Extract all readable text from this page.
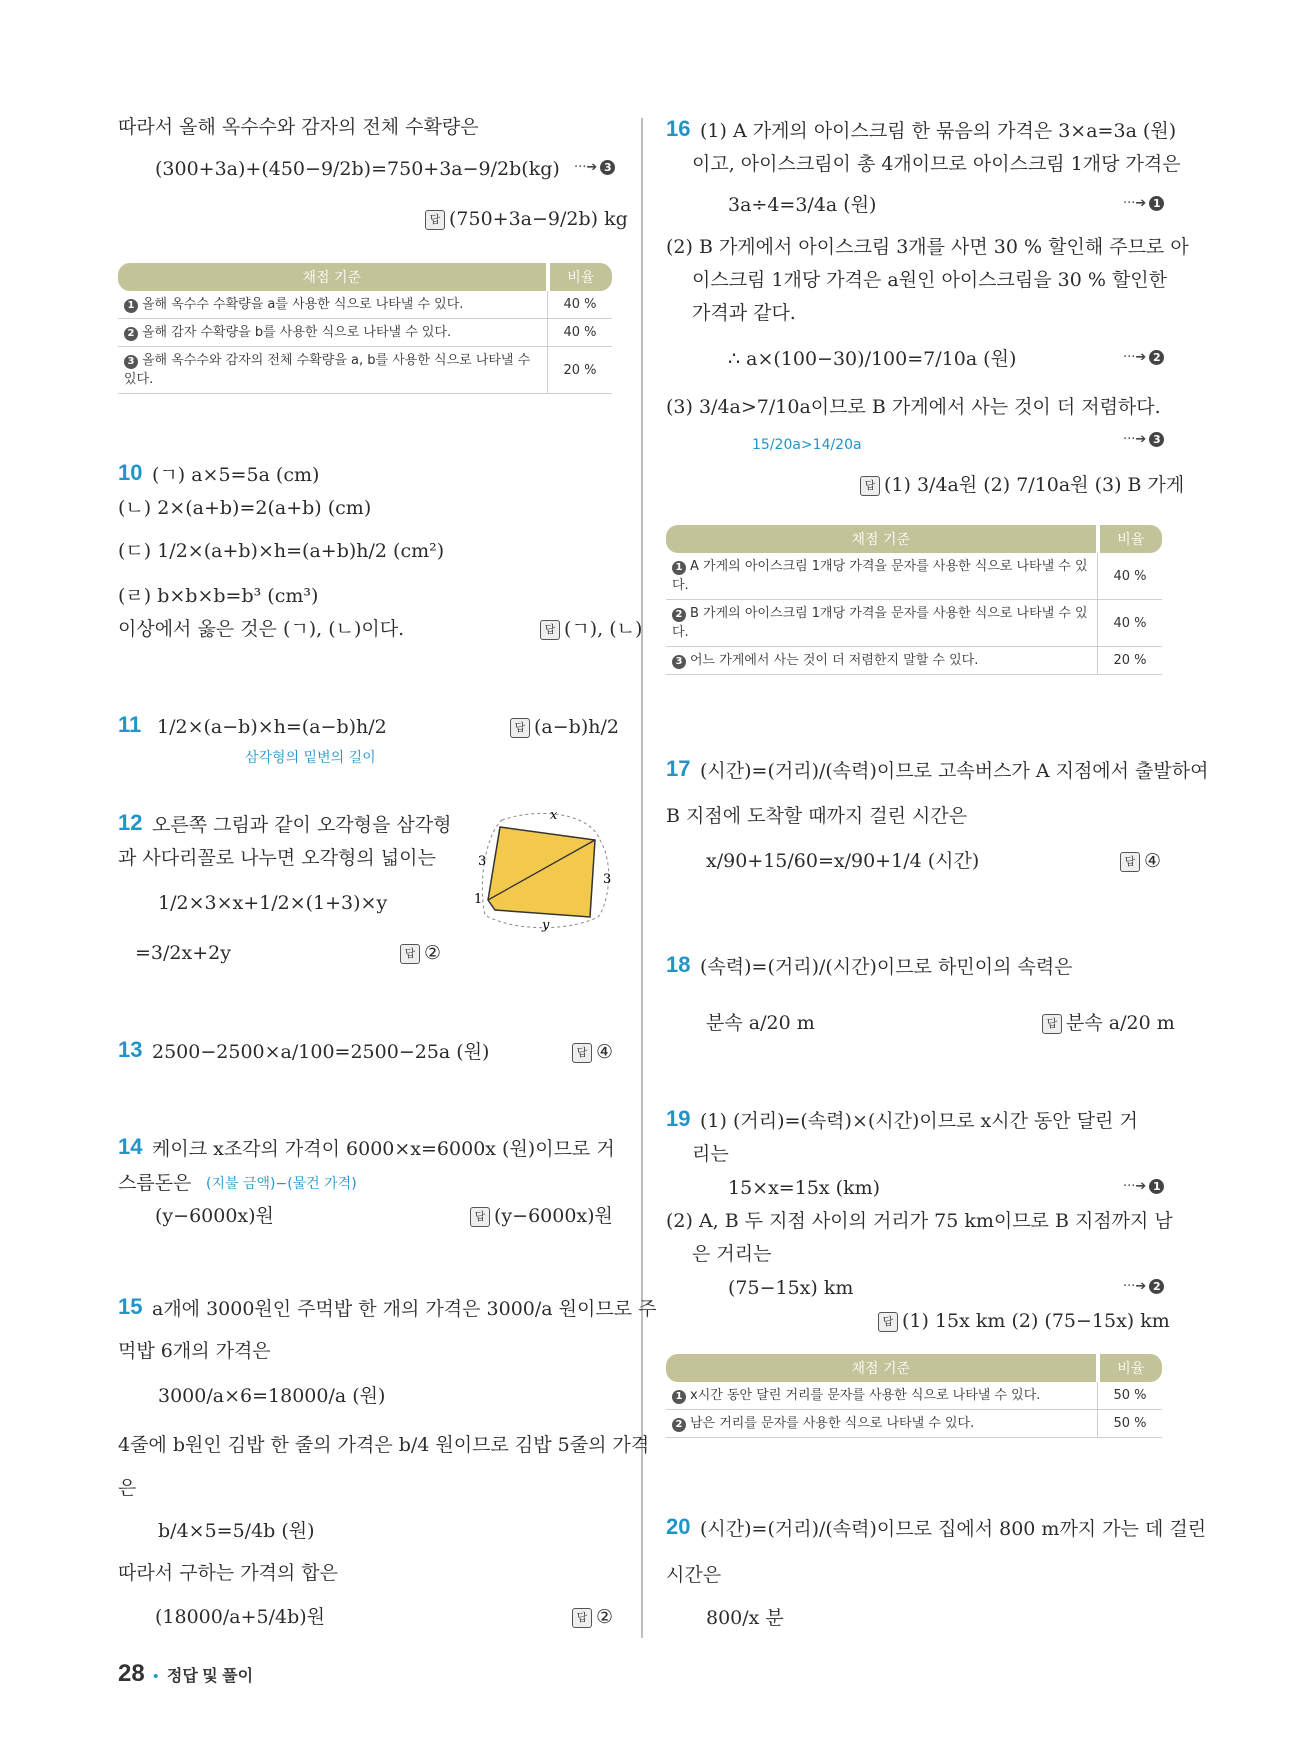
따라서 올해 옥수수와 감자의 전체 수확량은
(300+3a)+(450−9/2b)=750+3a−9/2b(kg) ···➔ 3
답 (750+3a−9/2b) kg
채점 기준	비율
1 올해 옥수수 수확량을 a를 사용한 식으로 나타낼 수 있다.	40 %
2 올해 감자 수확량을 b를 사용한 식으로 나타낼 수 있다.	40 %
3 올해 옥수수와 감자의 전체 수확량을 a, b를 사용한 식으로 나타낼 수 있다.	20 %
10 (ㄱ) a×5=5a (cm)
(ㄴ) 2×(a+b)=2(a+b) (cm)
(ㄷ) 1/2×(a+b)×h=(a+b)h/2 (cm²)
(ㄹ) b×b×b=b³ (cm³)
이상에서 옳은 것은 (ㄱ), (ㄴ)이다.	답 (ㄱ), (ㄴ)
11 1/2×(a−b)×h=(a−b)h/2
삼각형의 밑변의 길이
답 (a−b)h/2
12 오른쪽 그림과 같이 오각형을 삼각형
과 사다리꼴로 나누면 오각형의 넓이는
1/2×3×x+1/2×(1+3)×y
=3/2x+2y	답 ②
x
3
3
y
1
13 2500−2500×a/100=2500−25a (원)	답 ④
14 케이크 x조각의 가격이 6000×x=6000x (원)이므로 거
스름돈은 (지불 금액)−(물건 가격)
(y−6000x)원	답 (y−6000x)원
15 a개에 3000원인 주먹밥 한 개의 가격은 3000/a 원이므로 주
먹밥 6개의 가격은
3000/a×6=18000/a (원)
4줄에 b원인 김밥 한 줄의 가격은 b/4 원이므로 김밥 5줄의 가격
은
b/4×5=5/4b (원)
따라서 구하는 가격의 합은
(18000/a+5/4b)원	답 ②
16 (1) A 가게의 아이스크림 한 묶음의 가격은 3×a=3a (원)
이고, 아이스크림이 총 4개이므로 아이스크림 1개당 가격은
3a÷4=3/4a (원)	···➔ 1
(2) B 가게에서 아이스크림 3개를 사면 30 % 할인해 주므로 아
이스크림 1개당 가격은 a원인 아이스크림을 30 % 할인한
가격과 같다.
∴ a×(100−30)/100=7/10a (원)	···➔ 2
(3) 3/4a>7/10a이므로 B 가게에서 사는 것이 더 저렴하다.
15/20a>14/20a	···➔ 3
답 (1) 3/4a원 (2) 7/10a원 (3) B 가게
채점 기준	비율
1 A 가게의 아이스크림 1개당 가격을 문자를 사용한 식으로 나타낼 수 있다.	40 %
2 B 가게의 아이스크림 1개당 가격을 문자를 사용한 식으로 나타낼 수 있다.	40 %
3 어느 가게에서 사는 것이 더 저렴한지 말할 수 있다.	20 %
17 (시간)=(거리)/(속력)이므로 고속버스가 A 지점에서 출발하여
B 지점에 도착할 때까지 걸린 시간은
x/90+15/60=x/90+1/4 (시간)	답 ④
18 (속력)=(거리)/(시간)이므로 하민이의 속력은
분속 a/20 m	답 분속 a/20 m
19 (1) (거리)=(속력)×(시간)이므로 x시간 동안 달린 거
리는
15×x=15x (km)	···➔ 1
(2) A, B 두 지점 사이의 거리가 75 km이므로 B 지점까지 남
은 거리는
(75−15x) km	···➔ 2
답 (1) 15x km (2) (75−15x) km
채점 기준	비율
1 x시간 동안 달린 거리를 문자를 사용한 식으로 나타낼 수 있다.	50 %
2 남은 거리를 문자를 사용한 식으로 나타낼 수 있다.	50 %
20 (시간)=(거리)/(속력)이므로 집에서 800 m까지 가는 데 걸린
시간은
800/x 분
28 • 정답 및 풀이
